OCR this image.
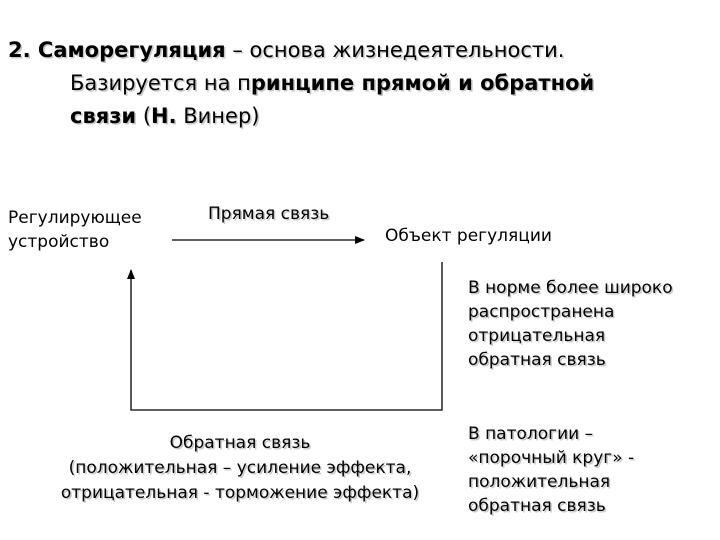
2. Саморегуляция – основа жизнедеятельности.
Базируется на принципе прямой и обратной
связи (Н. Винер)
Регулирующее
устройство	Объект регуляции
Прямая связь
Обратная связь
(положительная – усиление эффекта,
отрицательная - торможение эффекта)
В норме более широко
распространена
отрицательная
обратная связь
В патологии –
«порочный круг» -
положительная
обратная связь
